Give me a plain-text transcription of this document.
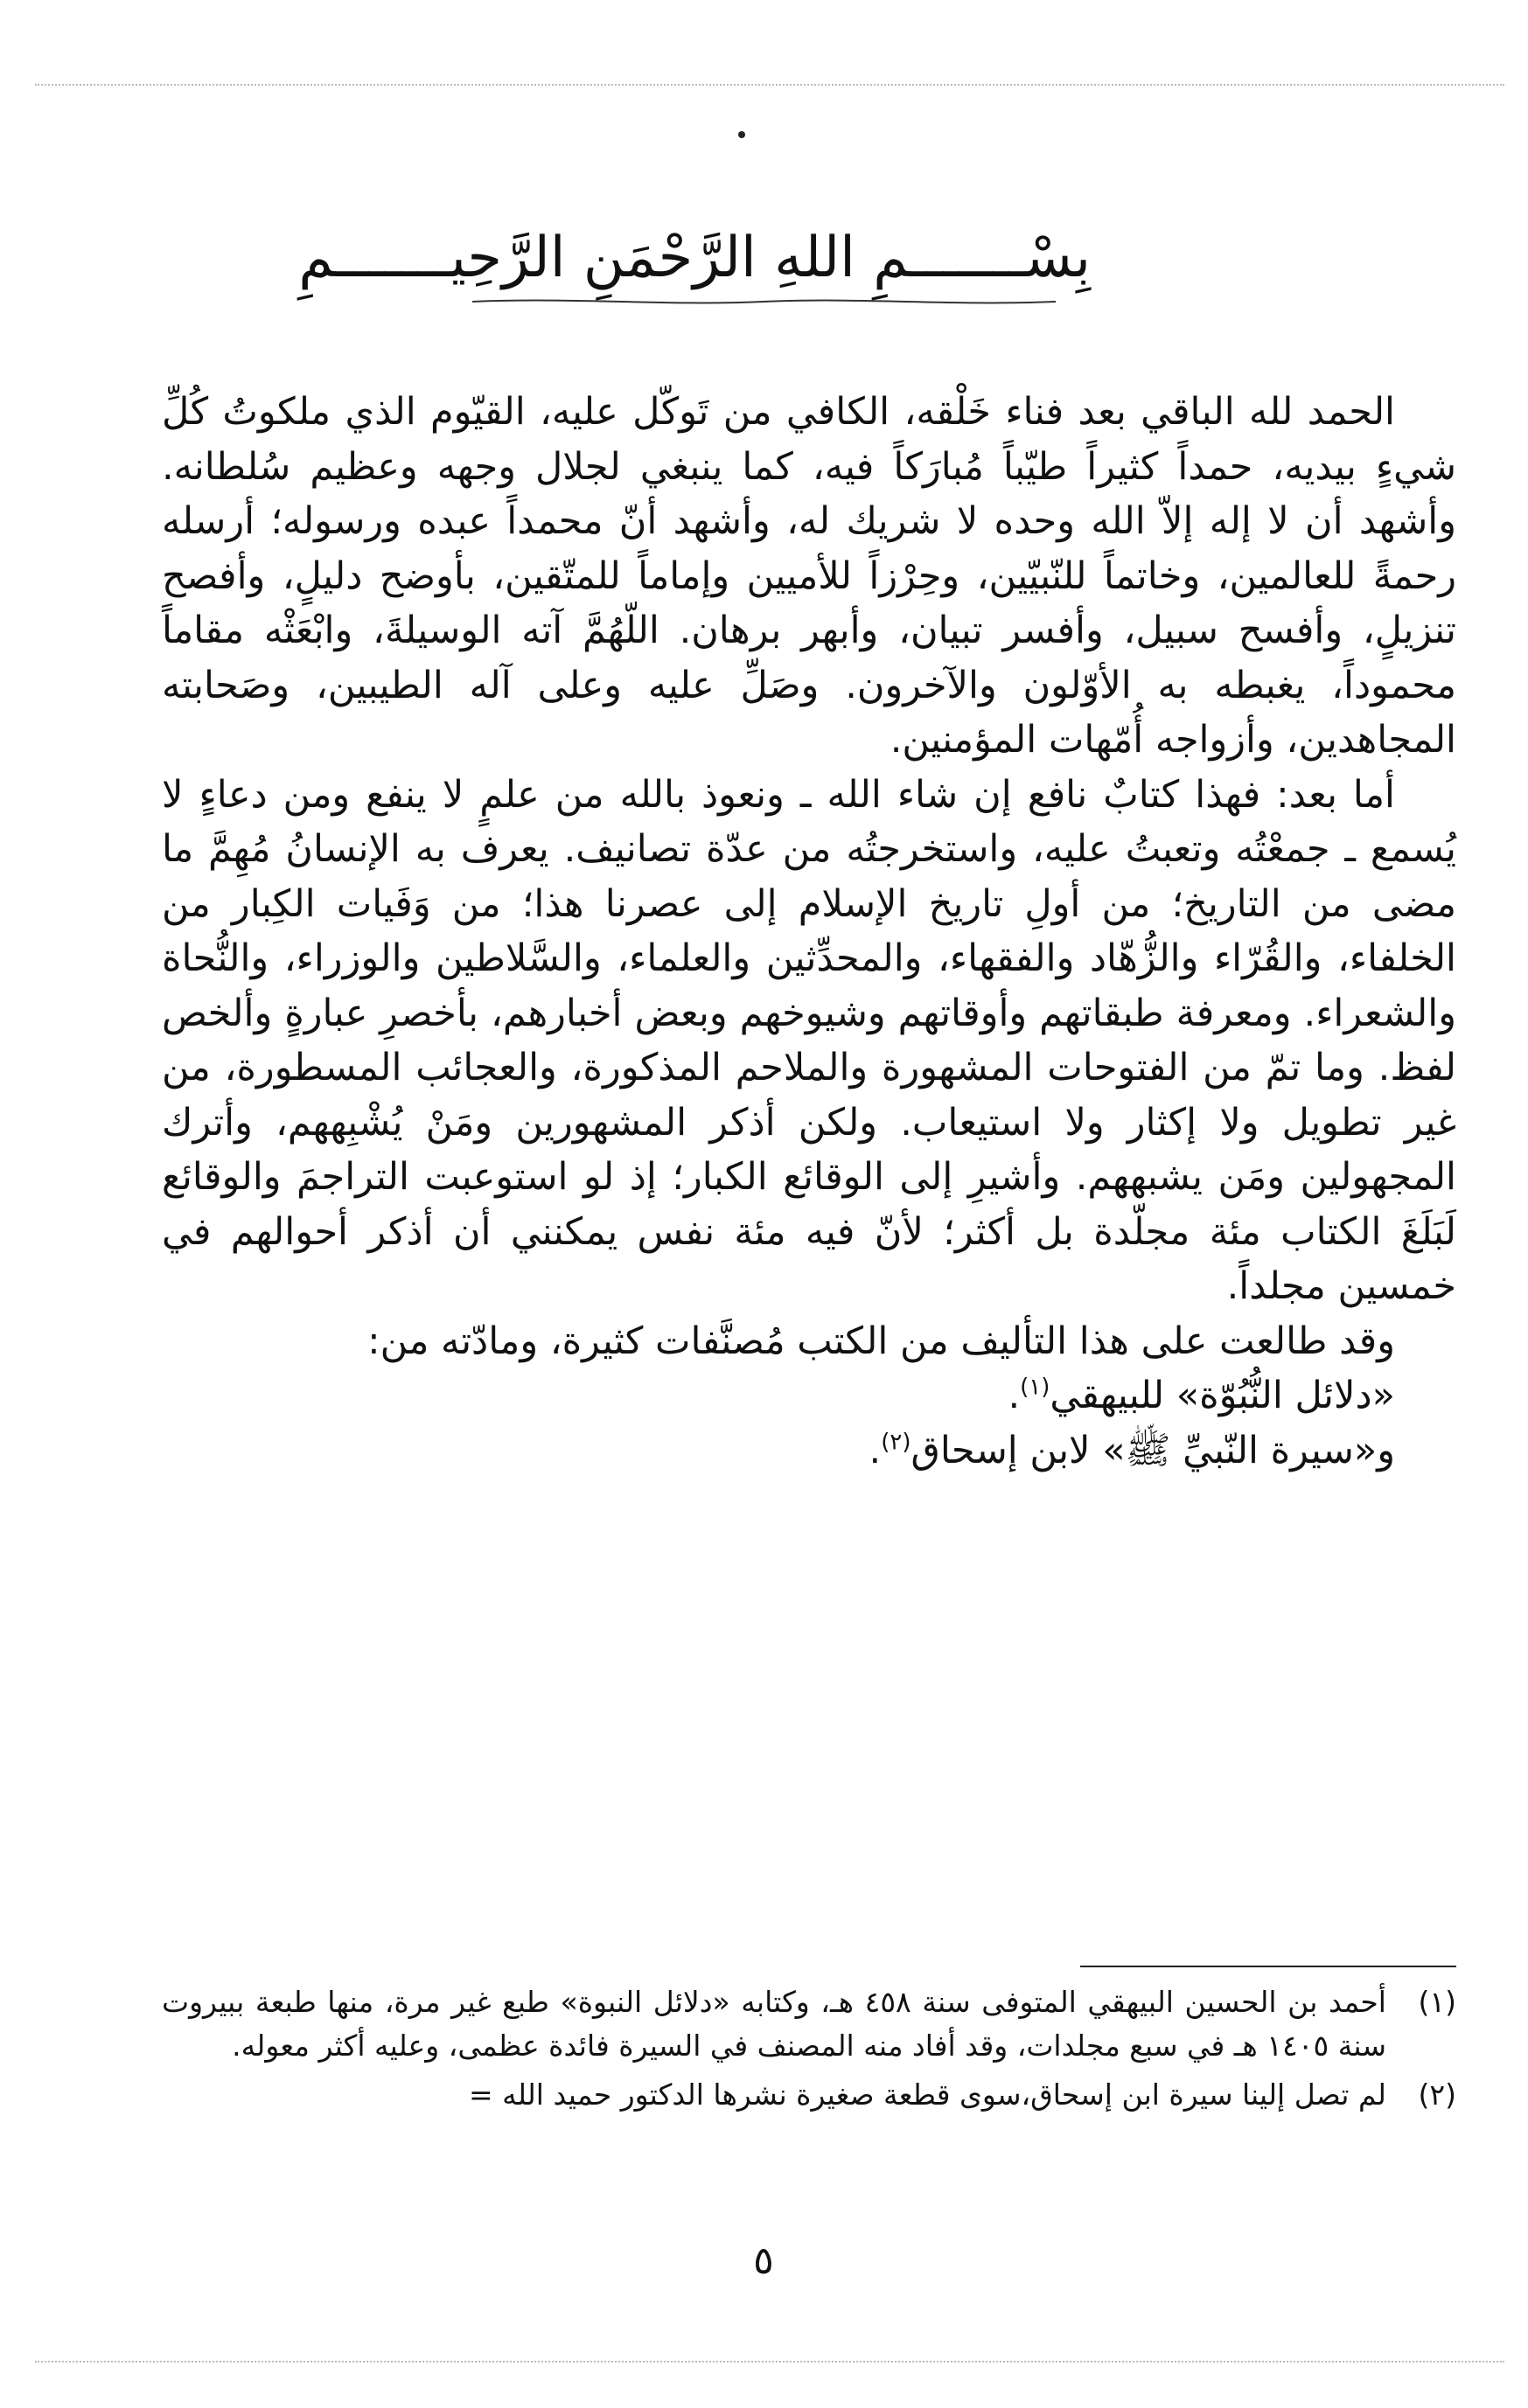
بِسْـــــــمِ اللهِ الرَّحْمَنِ الرَّحِيـــــــمِ

الحمد لله الباقي بعد فناء خَلْقه، الكافي من تَوكّل عليه، القيّوم الذي ملكوتُ كُلِّ شيءٍ بيديه، حمداً كثيراً طيّباً مُبارَكاً فيه، كما ينبغي لجلال وجهه وعظيم سُلطانه. وأشهد أن لا إله إلاّ الله وحده لا شريك له، وأشهد أنّ محمداً عبده ورسوله؛ أرسله رحمةً للعالمين، وخاتماً للنّبيّين، وحِرْزاً للأميين وإماماً للمتّقين، بأوضح دليلٍ، وأفصح تنزيلٍ، وأفسح سبيل، وأفسر تبيان، وأبهر برهان. اللّهُمَّ آته الوسيلةَ، وابْعَثْه مقاماً محموداً، يغبطه به الأوّلون والآخرون. وصَلِّ عليه وعلى آله الطيبين، وصَحابته المجاهدين، وأزواجه أُمّهات المؤمنين.

أما بعد: فهذا كتابٌ نافع إن شاء الله ـ ونعوذ بالله من علمٍ لا ينفع ومن دعاءٍ لا يُسمع ـ جمعْتُه وتعبتُ عليه، واستخرجتُه من عدّة تصانيف. يعرف به الإنسانُ مُهِمَّ ما مضى من التاريخ؛ من أولِ تاريخ الإسلام إلى عصرنا هذا؛ من وَفَيات الكِبار من الخلفاء، والقُرّاء والزُّهّاد والفقهاء، والمحدِّثين والعلماء، والسَّلاطين والوزراء، والنُّحاة والشعراء. ومعرفة طبقاتهم وأوقاتهم وشيوخهم وبعض أخبارهم، بأخصرِ عبارةٍ وألخص لفظ. وما تمّ من الفتوحات المشهورة والملاحم المذكورة، والعجائب المسطورة، من غير تطويل ولا إكثار ولا استيعاب. ولكن أذكر المشهورين ومَنْ يُشْبِههم، وأترك المجهولين ومَن يشبههم. وأشيرِ إلى الوقائع الكبار؛ إذ لو استوعبت التراجمَ والوقائع لَبَلَغَ الكتاب مئة مجلّدة بل أكثر؛ لأنّ فيه مئة نفس يمكنني أن أذكر أحوالهم في خمسين مجلداً.

وقد طالعت على هذا التأليف من الكتب مُصنَّفات كثيرة، ومادّته من:

«دلائل النُّبُوّة» للبيهقي$^{(١)}$.

و«سيرة النّبيِّ ﷺ» لابن إسحاق$^{(٢)}$.

(١)
أحمد بن الحسين البيهقي المتوفى سنة ٤٥٨ هـ، وكتابه «دلائل النبوة» طبع غير مرة، منها طبعة ببيروت سنة ١٤٠٥ هـ في سبع مجلدات، وقد أفاد منه المصنف في السيرة فائدة عظمى، وعليه أكثر معوله.
(٢)
لم تصل إلينا سيرة ابن إسحاق،سوى قطعة صغيرة نشرها الدكتور حميد الله =
٥
